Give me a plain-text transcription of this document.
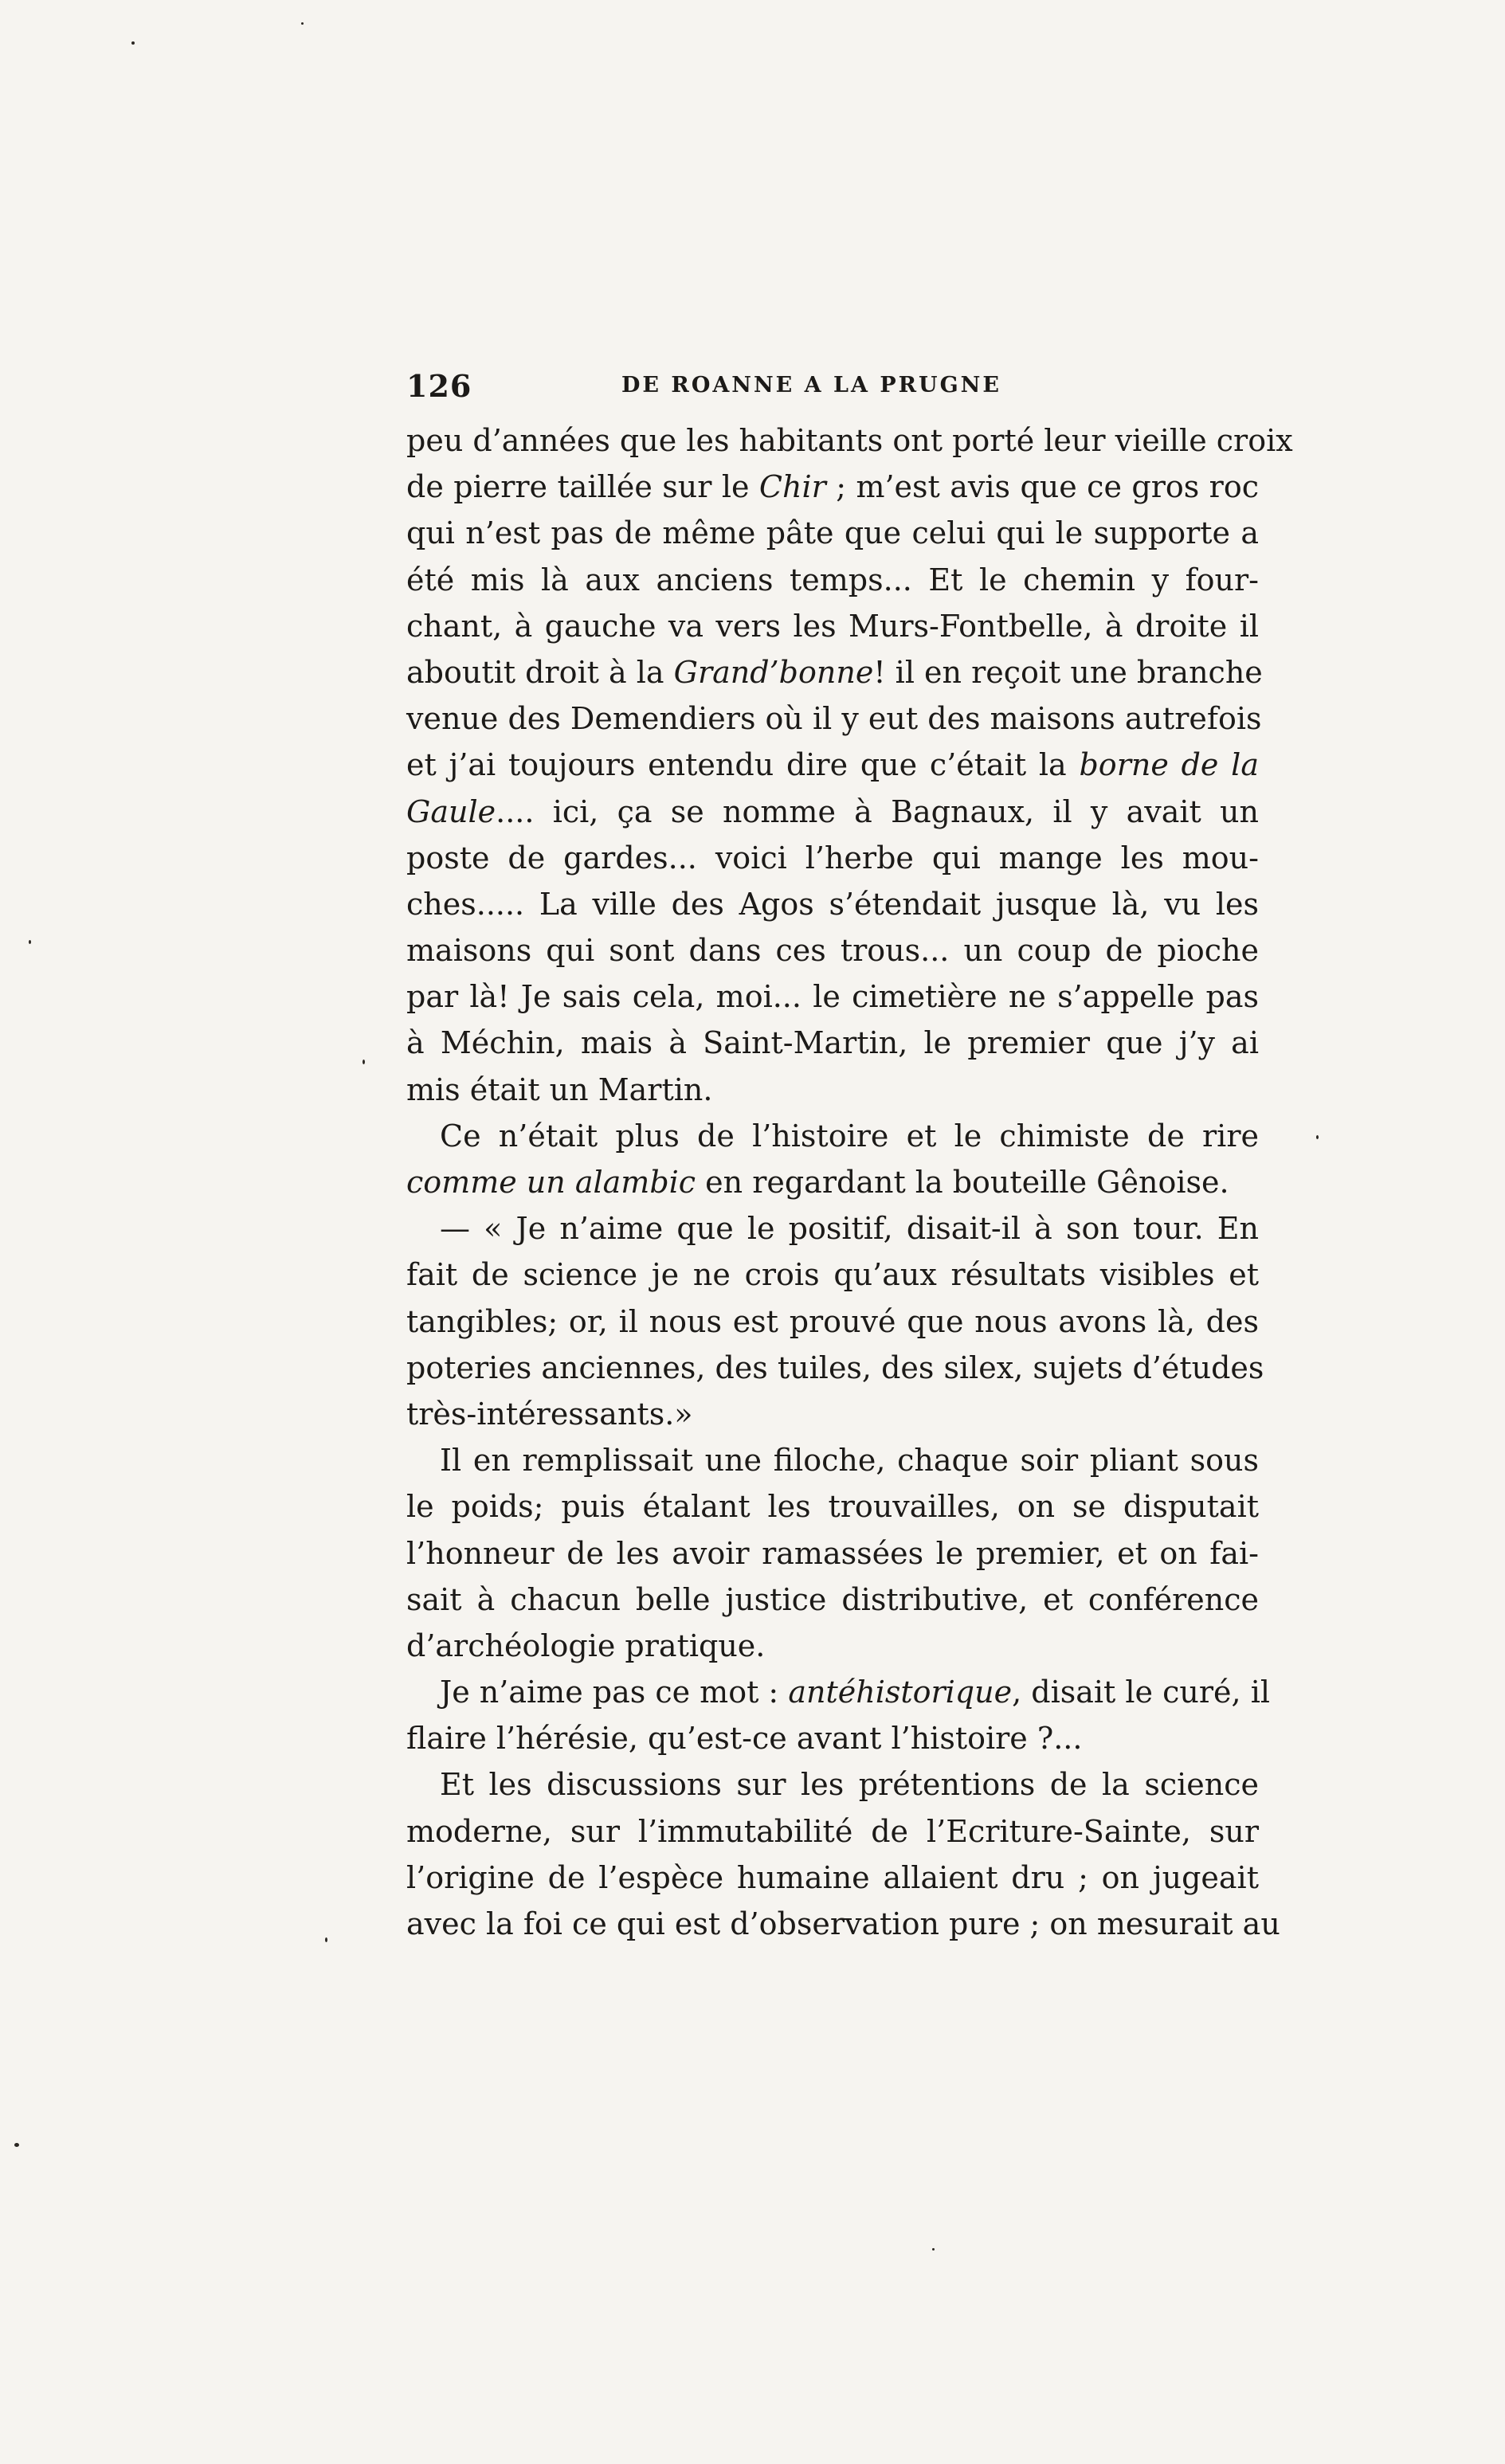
126	DE ROANNE A LA PRUGNE
peu d’années que les habitants ont porté leur vieille croix
de pierre taillée sur le Chir ; m’est avis que ce gros roc
qui n’est pas de même pâte que celui qui le supporte a
été mis là aux anciens temps... Et le chemin y four-
chant, à gauche va vers les Murs-Fontbelle, à droite il
aboutit droit à la Grand’bonne! il en reçoit une branche
venue des Demendiers où il y eut des maisons autrefois
et j’ai toujours entendu dire que c’était la borne de la
Gaule.... ici, ça se nomme à Bagnaux, il y avait un
poste de gardes... voici l’herbe qui mange les mou-
ches..... La ville des Agos s’étendait jusque là, vu les
maisons qui sont dans ces trous... un coup de pioche
par là! Je sais cela, moi... le cimetière ne s’appelle pas
à Méchin, mais à Saint-Martin, le premier que j’y ai
mis était un Martin.
Ce n’était plus de l’histoire et le chimiste de rire
comme un alambic en regardant la bouteille Gênoise.
— « Je n’aime que le positif, disait-il à son tour. En
fait de science je ne crois qu’aux résultats visibles et
tangibles; or, il nous est prouvé que nous avons là, des
poteries anciennes, des tuiles, des silex, sujets d’études
très-intéressants.»
Il en remplissait une filoche, chaque soir pliant sous
le poids; puis étalant les trouvailles, on se disputait
l’honneur de les avoir ramassées le premier, et on fai-
sait à chacun belle justice distributive, et conférence
d’archéologie pratique.
Je n’aime pas ce mot : antéhistorique, disait le curé, il
flaire l’hérésie, qu’est-ce avant l’histoire ?...
Et les discussions sur les prétentions de la science
moderne, sur l’immutabilité de l’Ecriture-Sainte, sur
l’origine de l’espèce humaine allaient dru ; on jugeait
avec la foi ce qui est d’observation pure ; on mesurait au
